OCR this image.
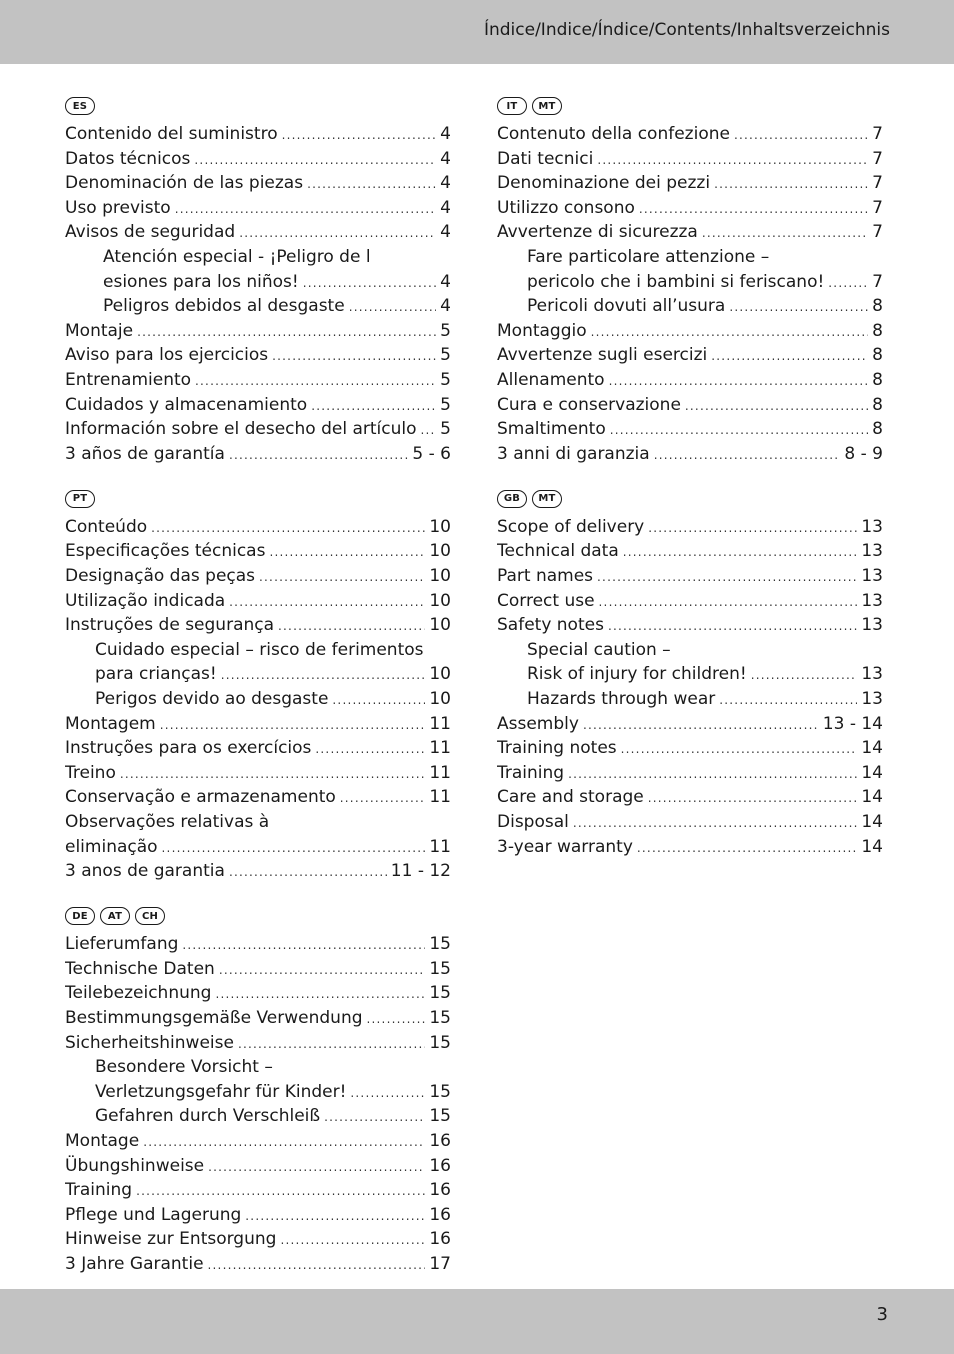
Índice/Indice/Índice/Contents/Inhaltsverzeichnis
ES
Contenido del suministro .....	4
Datos técnicos .....	4
Denominación de las piezas .....	4
Uso previsto .....	4
Avisos de seguridad .....	4
Atención especial - ¡Peligro de l
esiones para los niños! .....	4
Peligros debidos al desgaste .....	4
Montaje .....	5
Aviso para los ejercicios .....	5
Entrenamiento .....	5
Cuidados y almacenamiento .....	5
Información sobre el desecho del artículo ..... 5
3 años de garantía .....	5 - 6
PT
Conteúdo .....	10
Especificações técnicas .....	10
Designação das peças .....	10
Utilização indicada .....	10
Instruções de segurança .....	10
Cuidado especial – risco de ferimentos
para crianças! .....	10
Perigos devido ao desgaste .....	10
Montagem .....	11
Instruções para os exercícios .....	11
Treino .....	11
Conservação e armazenamento .....	11
Observações relativas à
eliminação .....	11
3 anos de garantia .....	11 - 12
DE	AT	CH
Lieferumfang .....	15
Technische Daten .....	15
Teilebezeichnung .....	15
Bestimmungsgemäße Verwendung .....	15
Sicherheitshinweise .....	15
Besondere Vorsicht –
Verletzungsgefahr für Kinder! .....	15
Gefahren durch Verschleiß .....	15
Montage .....	16
Übungshinweise .....	16
Training .....	16
Pflege und Lagerung .....	16
Hinweise zur Entsorgung .....	16
3 Jahre Garantie .....	17
IT	MT
Contenuto della confezione .....	7
Dati tecnici .....	7
Denominazione dei pezzi .....	7
Utilizzo consono .....	7
Avvertenze di sicurezza .....	7
Fare particolare attenzione –
pericolo che i bambini si feriscano! .....	7
Pericoli dovuti all’usura .....	8
Montaggio .....	8
Avvertenze sugli esercizi .....	8
Allenamento .....	8
Cura e conservazione .....	8
Smaltimento .....	8
3 anni di garanzia .....	8 - 9
GB	MT
Scope of delivery .....	13
Technical data .....	13
Part names .....	13
Correct use .....	13
Safety notes .....	13
Special caution –
Risk of injury for children! .....	13
Hazards through wear .....	13
Assembly .....	13 - 14
Training notes .....	14
Training .....	14
Care and storage .....	14
Disposal .....	14
3-year warranty .....	14
3
